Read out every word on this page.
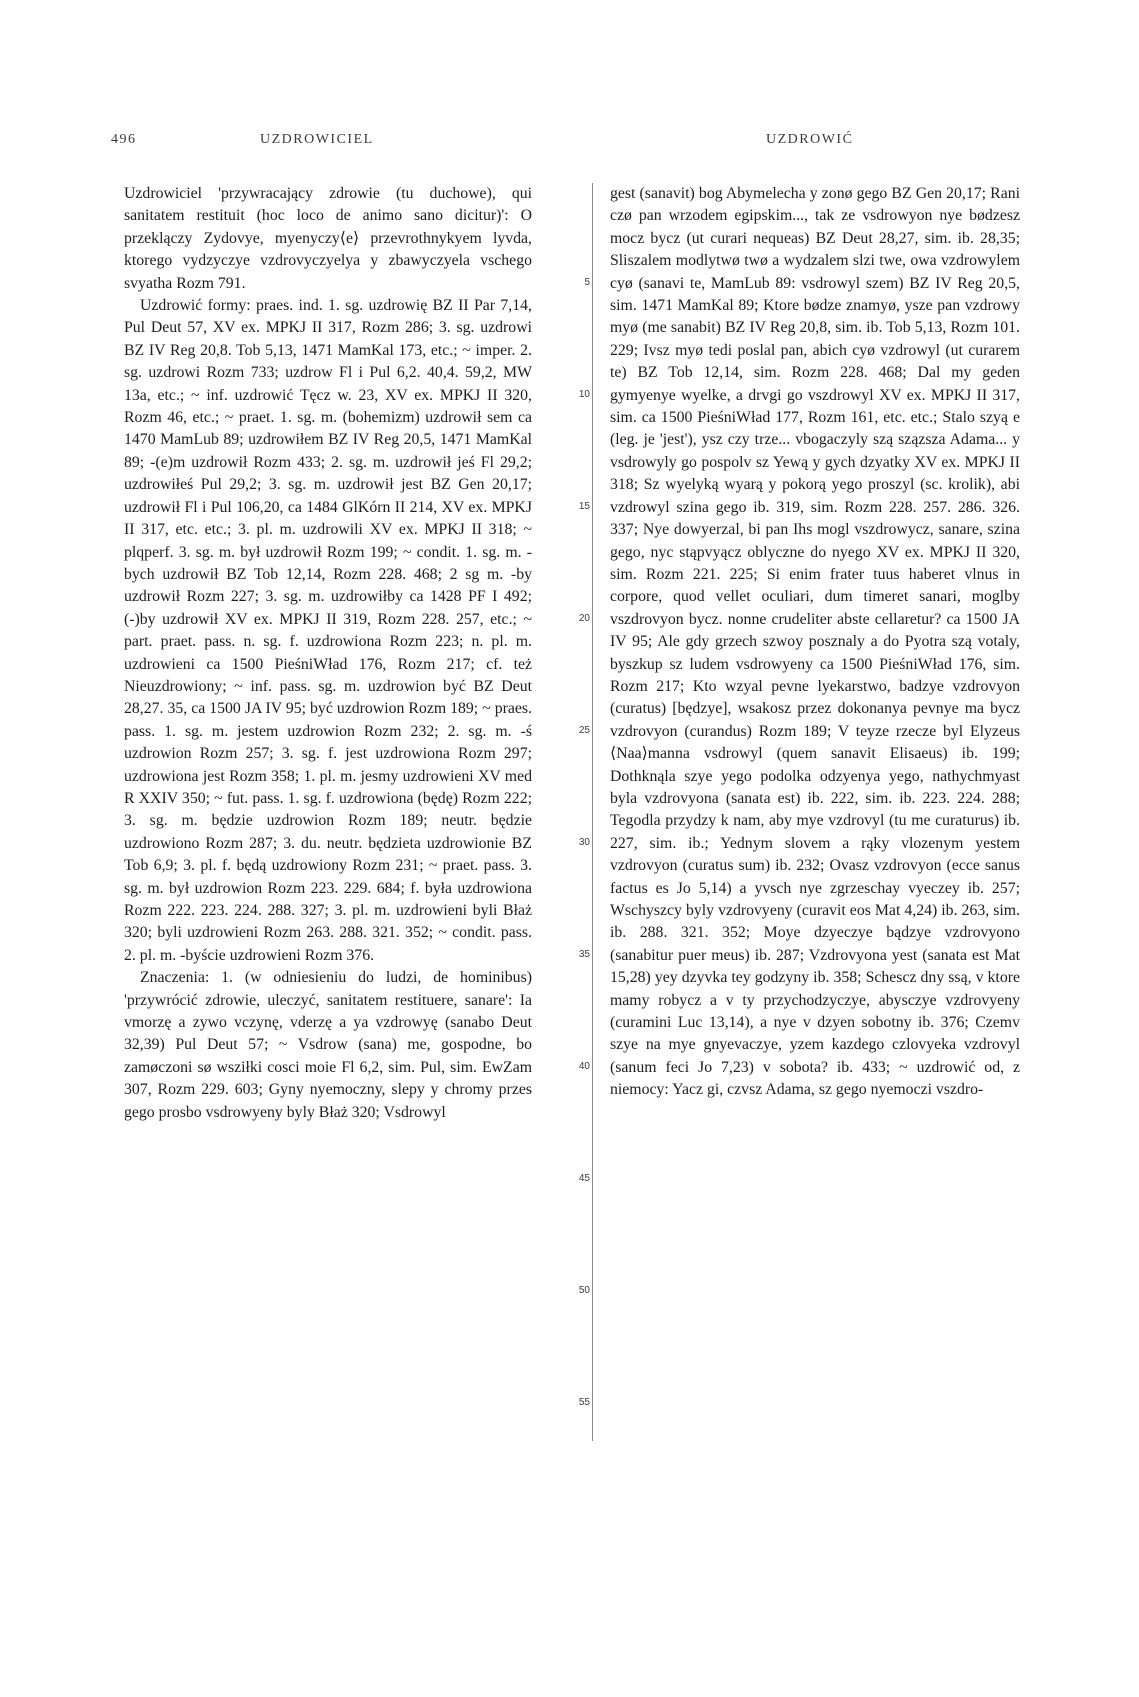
496	UZDROWICIEL	UZDROWIĆ

Uzdrowiciel 'przywracający zdrowie (tu duchowe), qui sanitatem restituit (hoc loco de animo sano dicitur)': O przeklączy Zydovye, myenyczy⟨e⟩ przevrothnykyem lyvda, ktorego vydzyczye vzdrovyczyelya y zbawyczyela vschego svyatha Rozm 791.

Uzdrowić formy: praes. ind. 1. sg. uzdrowię BZ II Par 7,14, Pul Deut 57, XV ex. MPKJ II 317, Rozm 286; 3. sg. uzdrowi BZ IV Reg 20,8. Tob 5,13, 1471 MamKal 173, etc.; ~ imper. 2. sg. uzdrowi Rozm 733; uzdrow Fl i Pul 6,2. 40,4. 59,2, MW 13a, etc.; ~ inf. uzdrowić Tęcz w. 23, XV ex. MPKJ II 320, Rozm 46, etc.; ~ praet. 1. sg. m. (bohemizm) uzdrowił sem ca 1470 MamLub 89; uzdrowiłem BZ IV Reg 20,5, 1471 MamKal 89; -(e)m uzdrowił Rozm 433; 2. sg. m. uzdrowił jeś Fl 29,2; uzdrowiłeś Pul 29,2; 3. sg. m. uzdrowił jest BZ Gen 20,17; uzdrowił Fl i Pul 106,20, ca 1484 GlKórn II 214, XV ex. MPKJ II 317, etc. etc.; 3. pl. m. uzdrowili XV ex. MPKJ II 318; ~ plqperf. 3. sg. m. był uzdrowił Rozm 199; ~ condit. 1. sg. m. -bych uzdrowił BZ Tob 12,14, Rozm 228. 468; 2 sg m. -by uzdrowił Rozm 227; 3. sg. m. uzdrowiłby ca 1428 PF I 492; (-)by uzdrowił XV ex. MPKJ II 319, Rozm 228. 257, etc.; ~ part. praet. pass. n. sg. f. uzdrowiona Rozm 223; n. pl. m. uzdrowieni ca 1500 PieśniWład 176, Rozm 217; cf. też Nieuzdrowiony; ~ inf. pass. sg. m. uzdrowion być BZ Deut 28,27. 35, ca 1500 JA IV 95; być uzdrowion Rozm 189; ~ praes. pass. 1. sg. m. jestem uzdrowion Rozm 232; 2. sg. m. -ś uzdrowion Rozm 257; 3. sg. f. jest uzdrowiona Rozm 297; uzdrowiona jest Rozm 358; 1. pl. m. jesmy uzdrowieni XV med R XXIV 350; ~ fut. pass. 1. sg. f. uzdrowiona (będę) Rozm 222; 3. sg. m. będzie uzdrowion Rozm 189; neutr. będzie uzdrowiono Rozm 287; 3. du. neutr. będzieta uzdrowionie BZ Tob 6,9; 3. pl. f. będą uzdrowiony Rozm 231; ~ praet. pass. 3. sg. m. był uzdrowion Rozm 223. 229. 684; f. była uzdrowiona Rozm 222. 223. 224. 288. 327; 3. pl. m. uzdrowieni byli Błaż 320; byli uzdrowieni Rozm 263. 288. 321. 352; ~ condit. pass. 2. pl. m. -byście uzdrowieni Rozm 376.

Znaczenia: 1. (w odniesieniu do ludzi, de hominibus) 'przywrócić zdrowie, uleczyć, sanitatem restituere, sanare': Ia vmorzę a zywo vczynę, vderzę a ya vzdrowyę (sanabo Deut 32,39) Pul Deut 57; ~ Vsdrow (sana) me, gospodne, bo zamøczoni sø wsziłki cosci moie Fl 6,2, sim. Pul, sim. EwZam 307, Rozm 229. 603; Gyny nyemoczny, slepy y chromy przes gego prosbo vsdrowyeny byly Błaż 320; Vsdrowyl

5
10
15
20
25
30
35
40
45
50
55

gest (sanavit) bog Abymelecha y zonø gego BZ Gen 20,17; Rani czø pan wrzodem egipskim..., tak ze vsdrowyon nye bødzesz mocz bycz (ut curari nequeas) BZ Deut 28,27, sim. ib. 28,35; Sliszalem modlytwø twø a wydzalem slzi twe, owa vzdrowylem cyø (sanavi te, MamLub 89: vsdrowyl szem) BZ IV Reg 20,5, sim. 1471 MamKal 89; Ktore bødze znamyø, ysze pan vzdrowy myø (me sanabit) BZ IV Reg 20,8, sim. ib. Tob 5,13, Rozm 101. 229; Ivsz myø tedi poslal pan, abich cyø vzdrowyl (ut curarem te) BZ Tob 12,14, sim. Rozm 228. 468; Dal my geden gymyenye wyelke, a drvgi go vszdrowyl XV ex. MPKJ II 317, sim. ca 1500 PieśniWład 177, Rozm 161, etc. etc.; Stalo szyą e (leg. je 'jest'), ysz czy trze... vbogaczyly szą szązsza Adama... y vsdrowyly go pospolv sz Yewą y gych dzyatky XV ex. MPKJ II 318; Sz wyelyką wyarą y pokorą yego proszyl (sc. krolik), abi vzdrowyl szina gego ib. 319, sim. Rozm 228. 257. 286. 326. 337; Nye dowyerzal, bi pan Ihs mogl vszdrowycz, sanare, szina gego, nyc stąpvyącz oblyczne do nyego XV ex. MPKJ II 320, sim. Rozm 221. 225; Si enim frater tuus haberet vlnus in corpore, quod vellet oculiari, dum timeret sanari, moglby vszdrovyon bycz. nonne crudeliter abste cellaretur? ca 1500 JA IV 95; Ale gdy grzech szwoy posznaly a do Pyotra szą votaly, byszkup sz ludem vsdrowyeny ca 1500 PieśniWład 176, sim. Rozm 217; Kto wzyal pevne lyekarstwo, badzye vzdrovyon (curatus) [będzye], wsakosz przez dokonanya pevnye ma bycz vzdrovyon (curandus) Rozm 189; V teyze rzecze byl Elyzeus ⟨Naa⟩manna vsdrowyl (quem sanavit Elisaeus) ib. 199; Dothknąla szye yego podolka odzyenya yego, nathychmyast byla vzdrovyona (sanata est) ib. 222, sim. ib. 223. 224. 288; Tegodla przydzy k nam, aby mye vzdrovyl (tu me curaturus) ib. 227, sim. ib.; Yednym slovem a rąky vlozenym yestem vzdrovyon (curatus sum) ib. 232; Ovasz vzdrovyon (ecce sanus factus es Jo 5,14) a yvsch nye zgrzeschay vyeczey ib. 257; Wschyszcy byly vzdrovyeny (curavit eos Mat 4,24) ib. 263, sim. ib. 288. 321. 352; Moye dzyeczye bądzye vzdrovyono (sanabitur puer meus) ib. 287; Vzdrovyona yest (sanata est Mat 15,28) yey dzyvka tey godzyny ib. 358; Schescz dny ssą, v ktore mamy robycz a v ty przychodzyczye, abysczye vzdrovyeny (curamini Luc 13,14), a nye v dzyen sobotny ib. 376; Czemv szye na mye gnyevaczye, yzem kazdego czlovyeka vzdrovyl (sanum feci Jo 7,23) v sobota? ib. 433; ~ uzdrowić od, z niemocy: Yacz gi, czvsz Adama, sz gego nyemoczi vszdro-
